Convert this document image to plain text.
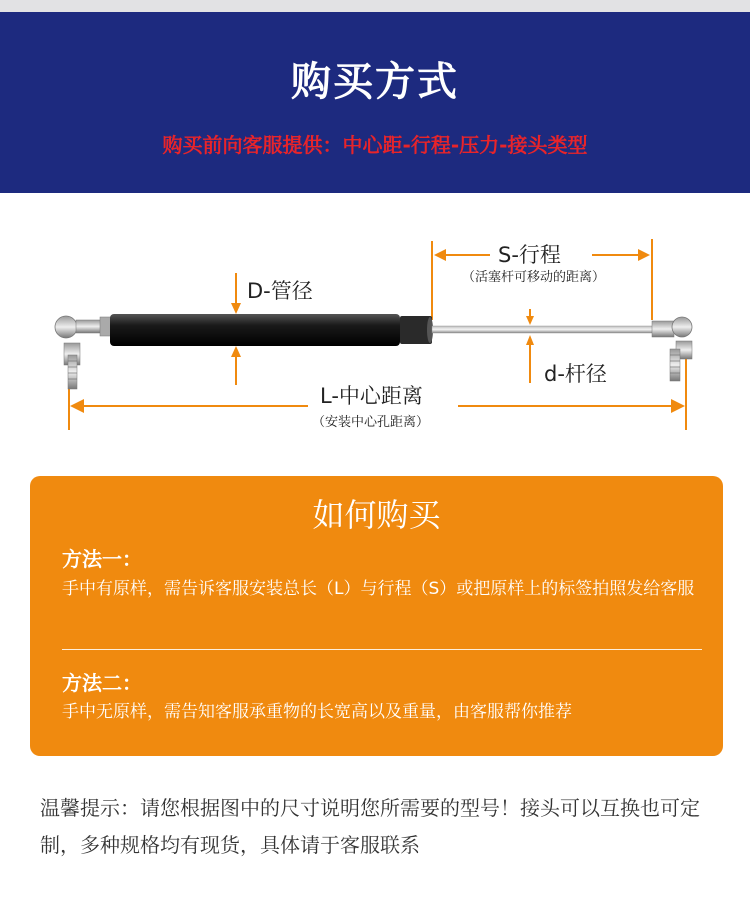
购买方式
购买前向客服提供：中心距-行程-压力-接头类型
S-行程
（活塞杆可移动的距离）
D-管径
d-杆径
L-中心距离
（安装中心孔距离）
如何购买
方法一：
手中有原样，需告诉客服安装总长（L）与行程（S）或把原样上的标签拍照发给客服
方法二：
手中无原样，需告知客服承重物的长宽高以及重量，由客服帮你推荐
温馨提示：请您根据图中的尺寸说明您所需要的型号！接头可以互换也可定制，多种规格均有现货，具体请于客服联系
